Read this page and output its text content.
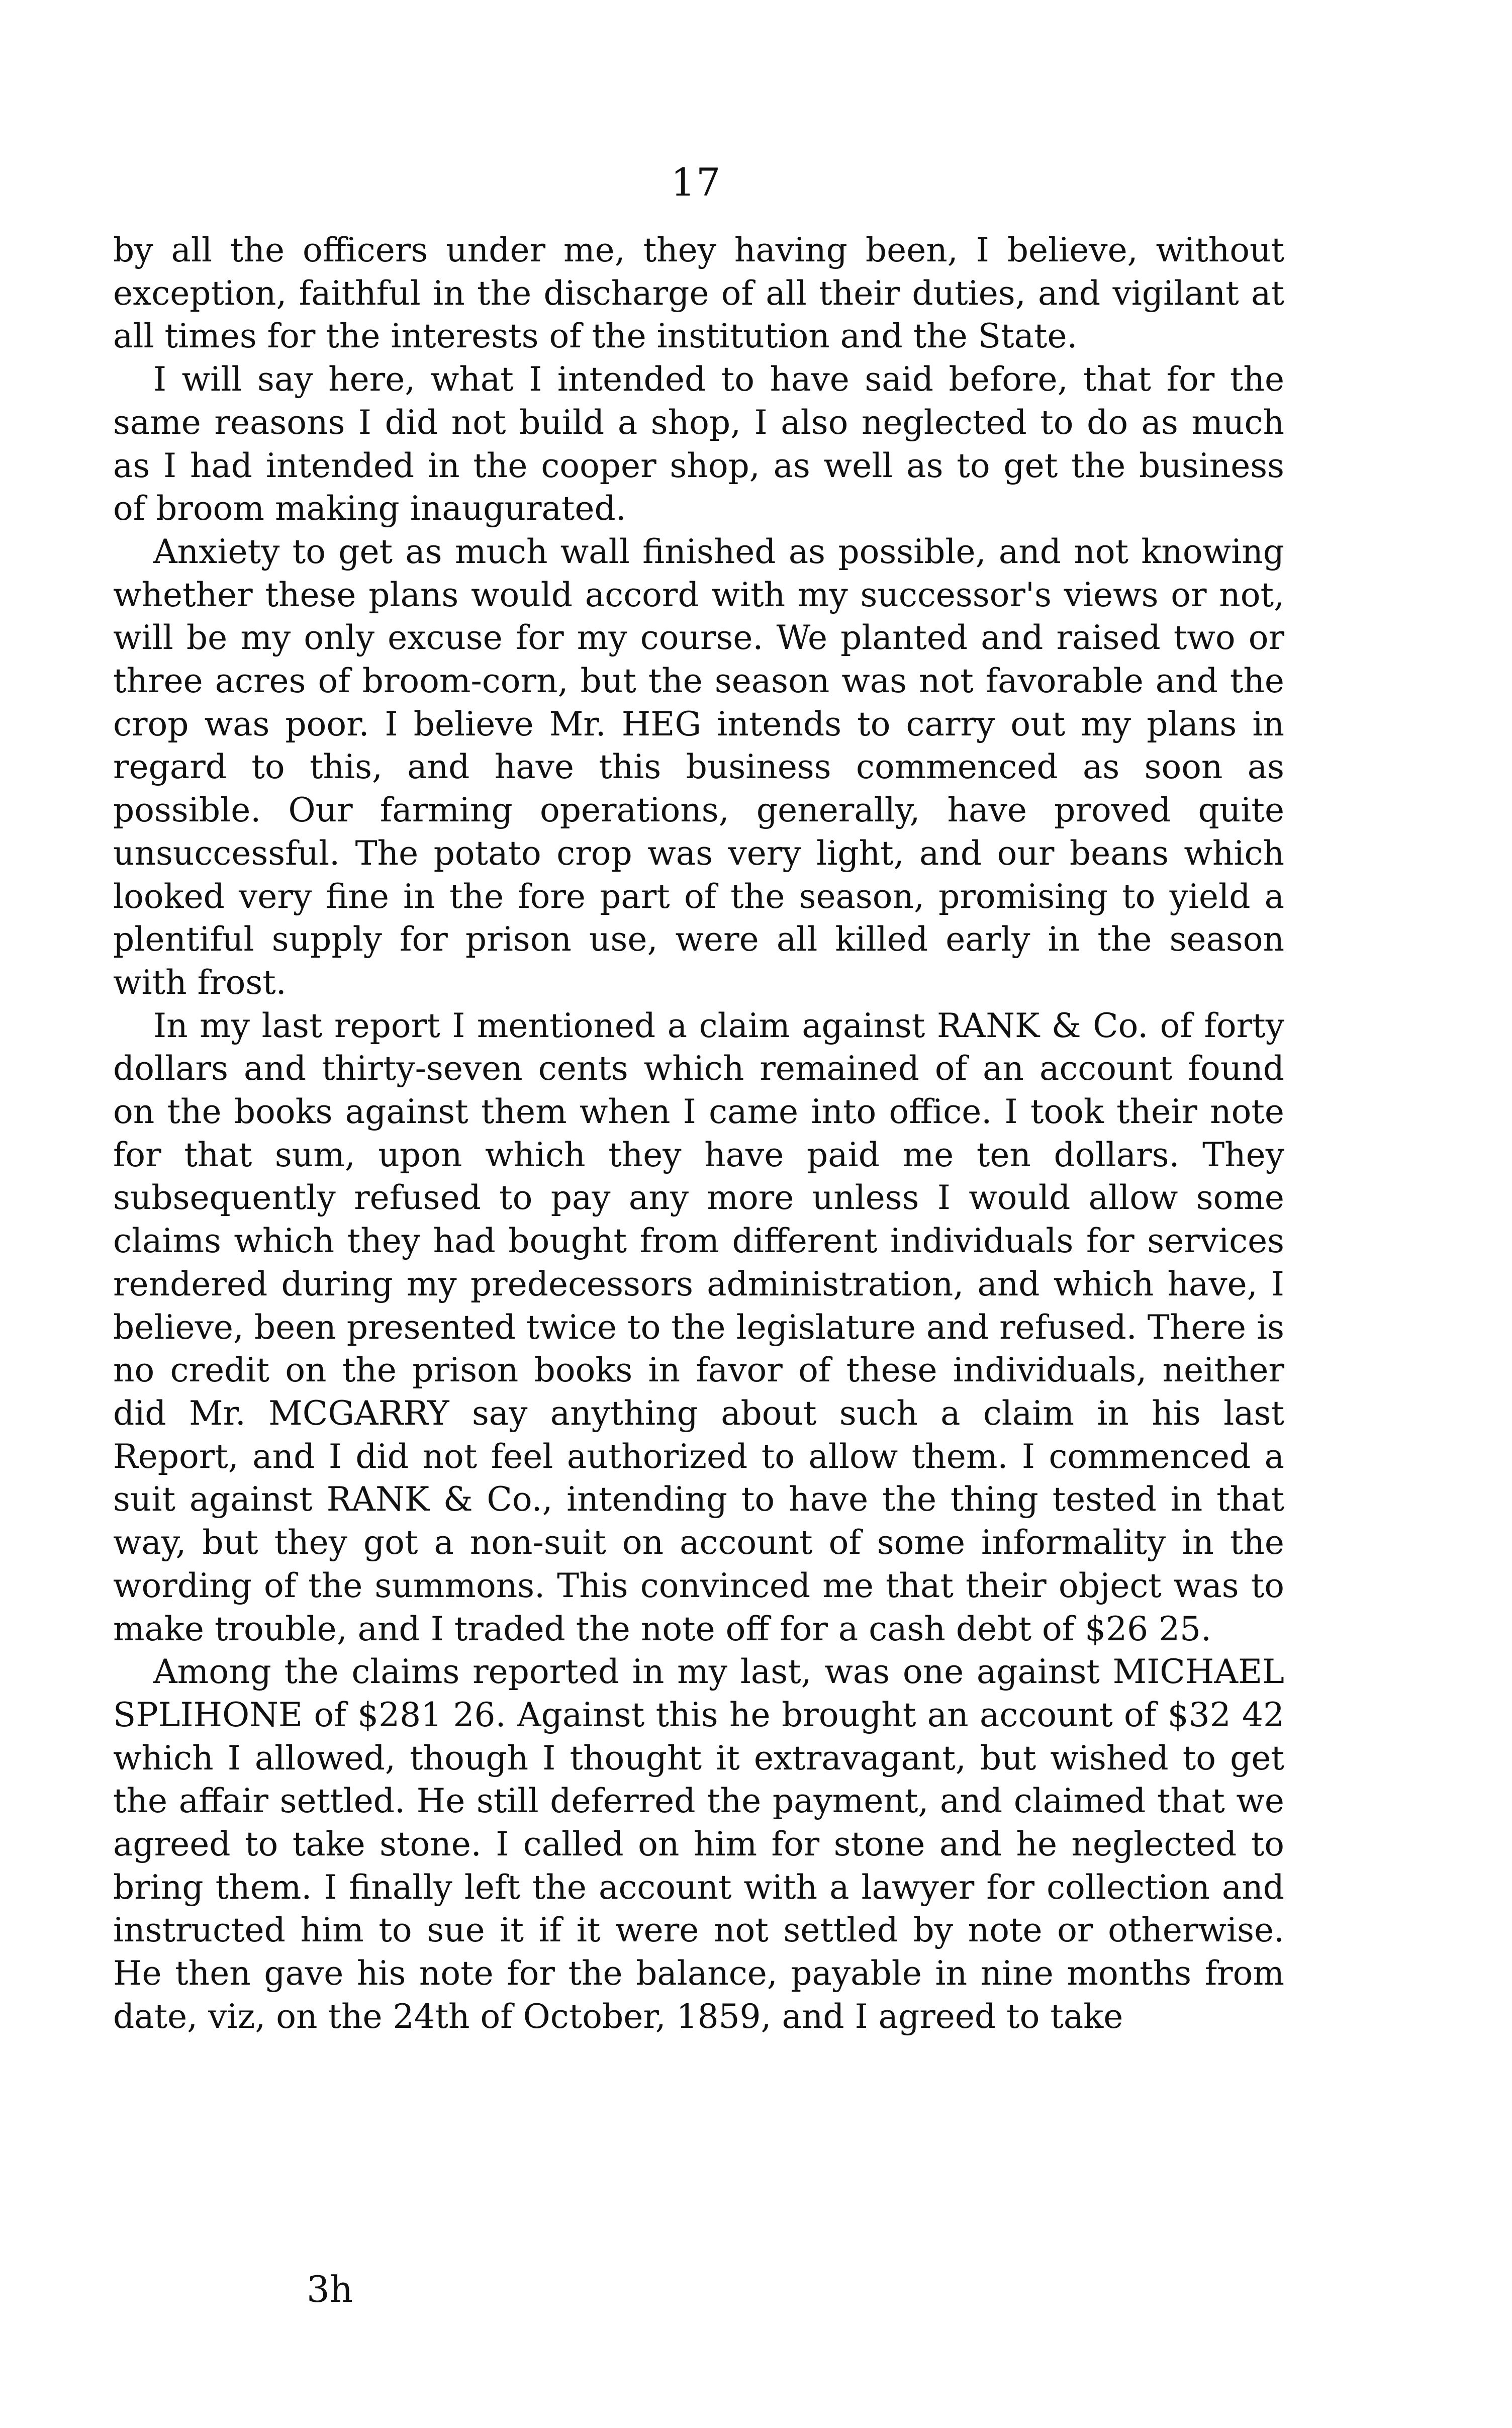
17

by all the officers under me, they having been, I believe, without exception, faithful in the discharge of all their duties, and vigilant at all times for the interests of the institution and the State.

I will say here, what I intended to have said before, that for the same reasons I did not build a shop, I also neglected to do as much as I had intended in the cooper shop, as well as to get the business of broom making inaugurated.

Anxiety to get as much wall finished as possible, and not knowing whether these plans would accord with my successor's views or not, will be my only excuse for my course. We planted and raised two or three acres of broom-corn, but the season was not favorable and the crop was poor. I believe Mr. HEG intends to carry out my plans in regard to this, and have this business commenced as soon as possible. Our farming operations, generally, have proved quite unsuccessful. The potato crop was very light, and our beans which looked very fine in the fore part of the season, promising to yield a plentiful supply for prison use, were all killed early in the season with frost.

In my last report I mentioned a claim against RANK & Co. of forty dollars and thirty-seven cents which remained of an account found on the books against them when I came into office. I took their note for that sum, upon which they have paid me ten dollars. They subsequently refused to pay any more unless I would allow some claims which they had bought from different individuals for services rendered during my predecessors administration, and which have, I believe, been presented twice to the legislature and refused. There is no credit on the prison books in favor of these individuals, neither did Mr. MCGARRY say anything about such a claim in his last Report, and I did not feel authorized to allow them. I commenced a suit against RANK & Co., intending to have the thing tested in that way, but they got a non-suit on account of some informality in the wording of the summons. This convinced me that their object was to make trouble, and I traded the note off for a cash debt of $26 25.

Among the claims reported in my last, was one against MICHAEL SPLIHONE of $281 26. Against this he brought an account of $32 42 which I allowed, though I thought it extravagant, but wished to get the affair settled. He still deferred the payment, and claimed that we agreed to take stone. I called on him for stone and he neglected to bring them. I finally left the account with a lawyer for collection and instructed him to sue it if it were not settled by note or otherwise. He then gave his note for the balance, payable in nine months from date, viz, on the 24th of October, 1859, and I agreed to take

3h
